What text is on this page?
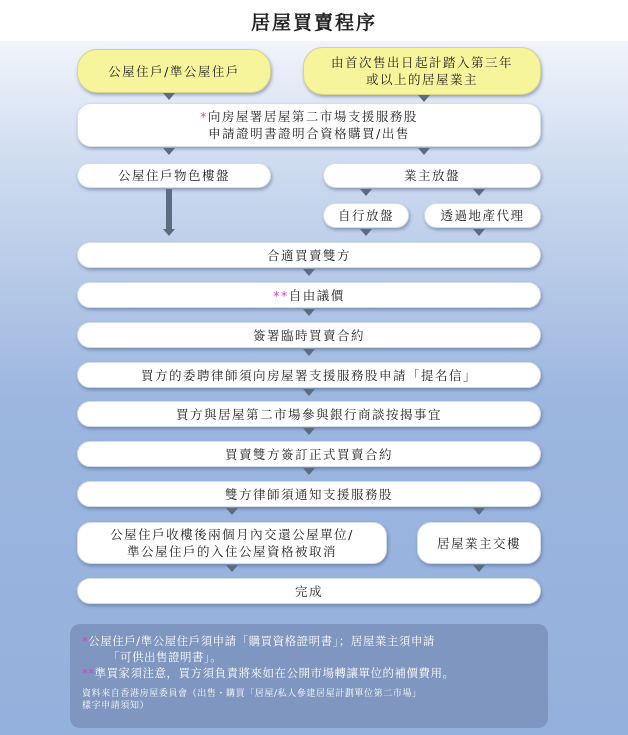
居屋買賣程序
公屋住戶/準公屋住戶
由首次售出日起計踏入第三年
或以上的居屋業主
*向房屋署居屋第二市場支援服務股
申請證明書證明合資格購買/出售
公屋住戶物色樓盤	業主放盤
自行放盤	透過地產代理
合適買賣雙方
**自由議價
簽署臨時買賣合約
買方的委聘律師須向房屋署支援服務股申請「提名信」
買方與居屋第二市場參與銀行商談按揭事宜
買賣雙方簽訂正式買賣合約
雙方律師須通知支援服務股
公屋住戶收樓後兩個月內交還公屋單位/
準公屋住戶的入住公屋資格被取消
居屋業主交樓
完成

*公屋住戶/準公屋住戶須申請「購買資格證明書」；居屋業主須申請

「可供出售證明書」。

**準買家須注意，買方須負責將來如在公開市場轉讓單位的補價費用。

資料來自香港房屋委員會（出售・購買「居屋/私人參建居屋計劃單位第二市場」
樣字申請須知）
